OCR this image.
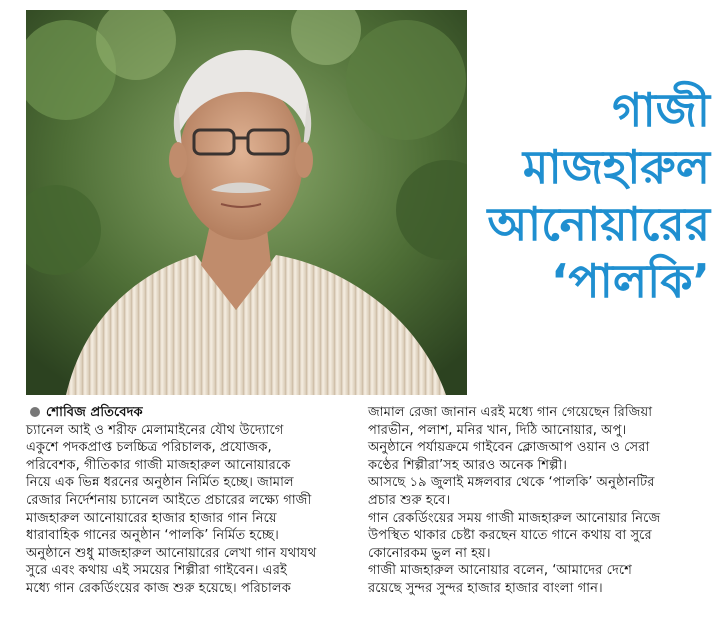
গাজী
মাজহারুল
আনোয়ারের
‘পালকি’

শোবিজ প্রতিবেদক

চ্যানেল আই ও শরীফ মেলামাইনের যৌথ উদ্যোগে

একুশে পদকপ্রাপ্ত চলচ্চিত্র পরিচালক, প্রযোজক,

পরিবেশক, গীতিকার গাজী মাজহারুল আনোয়ারকে

নিয়ে এক ভিন্ন ধরনের অনুষ্ঠান নির্মিত হচ্ছে। জামাল

রেজার নির্দেশনায় চ্যানেল আইতে প্রচারের লক্ষ্যে গাজী

মাজহারুল আনোয়ারের হাজার হাজার গান নিয়ে

ধারাবাহিক গানের অনুষ্ঠান ‘পালকি’ নির্মিত হচ্ছে।

অনুষ্ঠানে শুধু মাজহারুল আনোয়ারের লেখা গান যথাযথ

সুরে এবং কথায় এই সময়ের শিল্পীরা গাইবেন। এরই

মধ্যে গান রেকর্ডিংয়ের কাজ শুরু হয়েছে। পরিচালক

জামাল রেজা জানান এরই মধ্যে গান গেয়েছেন রিজিয়া

পারভীন, পলাশ, মনির খান, দিঠি আনোয়ার, অপু।

অনুষ্ঠানে পর্যায়ক্রমে গাইবেন ক্লোজআপ ওয়ান ও সেরা

কণ্ঠের শিল্পীরা’সহ আরও অনেক শিল্পী।

আসছে ১৯ জুলাই মঙ্গলবার থেকে ‘পালকি’ অনুষ্ঠানটির

প্রচার শুরু হবে।

গান রেকর্ডিংয়ের সময় গাজী মাজহারুল আনোয়ার নিজে

উপস্থিত থাকার চেষ্টা করছেন যাতে গানে কথায় বা সুরে

কোনোরকম ভুল না হয়।

গাজী মাজহারুল আনোয়ার বলেন, ‘আমাদের দেশে

রয়েছে সুন্দর সুন্দর হাজার হাজার বাংলা গান।
